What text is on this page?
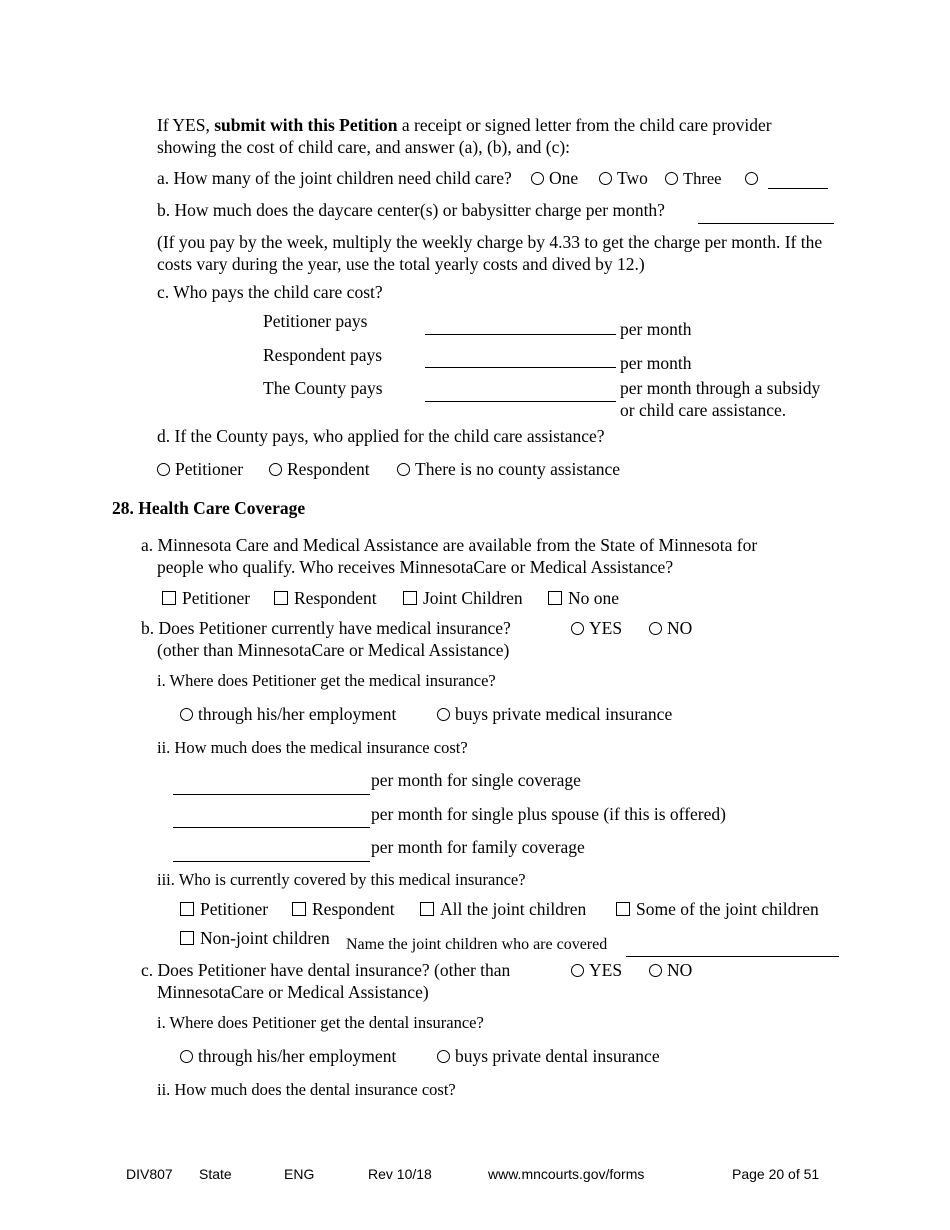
If YES, submit with this Petition a receipt or signed letter from the child care provider
showing the cost of child care, and answer (a), (b), and (c):
a. How many of the joint children need child care?	One	Two	Three
b. How much does the daycare center(s) or babysitter charge per month?
(If you pay by the week, multiply the weekly charge by 4.33 to get the charge per month. If the
costs vary during the year, use the total yearly costs and dived by 12.)
c. Who pays the child care cost?
Petitioner pays	per month
Respondent pays	per month
The County pays	per month through a subsidy
or child care assistance.
d. If the County pays, who applied for the child care assistance?
Petitioner	Respondent	There is no county assistance
28. Health Care Coverage
a. Minnesota Care and Medical Assistance are available from the State of Minnesota for
people who qualify. Who receives MinnesotaCare or Medical Assistance?
Petitioner	Respondent	Joint Children	No one
b. Does Petitioner currently have medical insurance?
(other than MinnesotaCare or Medical Assistance)
YES	NO
i. Where does Petitioner get the medical insurance?
through his/her employment	buys private medical insurance
ii. How much does the medical insurance cost?
per month for single coverage
per month for single plus spouse (if this is offered)
per month for family coverage
iii. Who is currently covered by this medical insurance?
Petitioner	Respondent	All the joint children	Some of the joint children
Non-joint children Name the joint children who are covered
c. Does Petitioner have dental insurance? (other than
MinnesotaCare or Medical Assistance)
YES	NO
i. Where does Petitioner get the dental insurance?
through his/her employment	buys private dental insurance
ii. How much does the dental insurance cost?
DIV807 State	ENG	Rev 10/18	www.mncourts.gov/forms	Page 20 of 51
